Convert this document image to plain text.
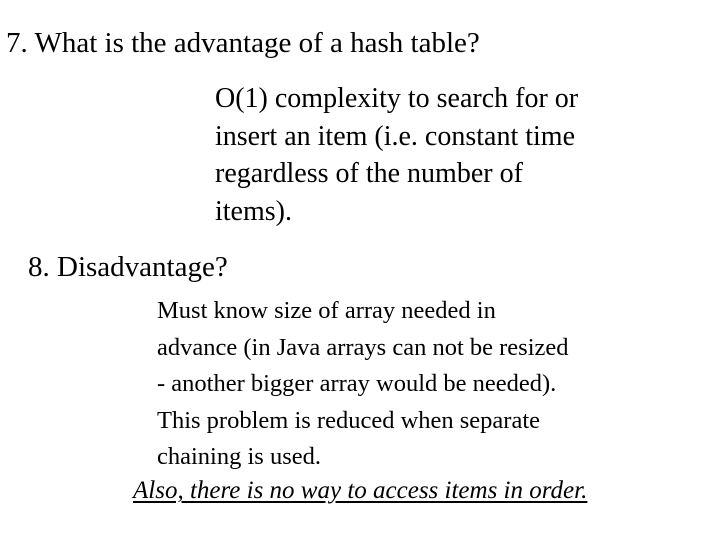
7. What is the advantage of a hash table?
O(1) complexity to search for or
insert an item (i.e. constant time
regardless of the number of
items).
8. Disadvantage?
Must know size of array needed in
advance (in Java arrays can not be resized
- another bigger array would be needed).
This problem is reduced when separate
chaining is used.
Also, there is no way to access items in order.
